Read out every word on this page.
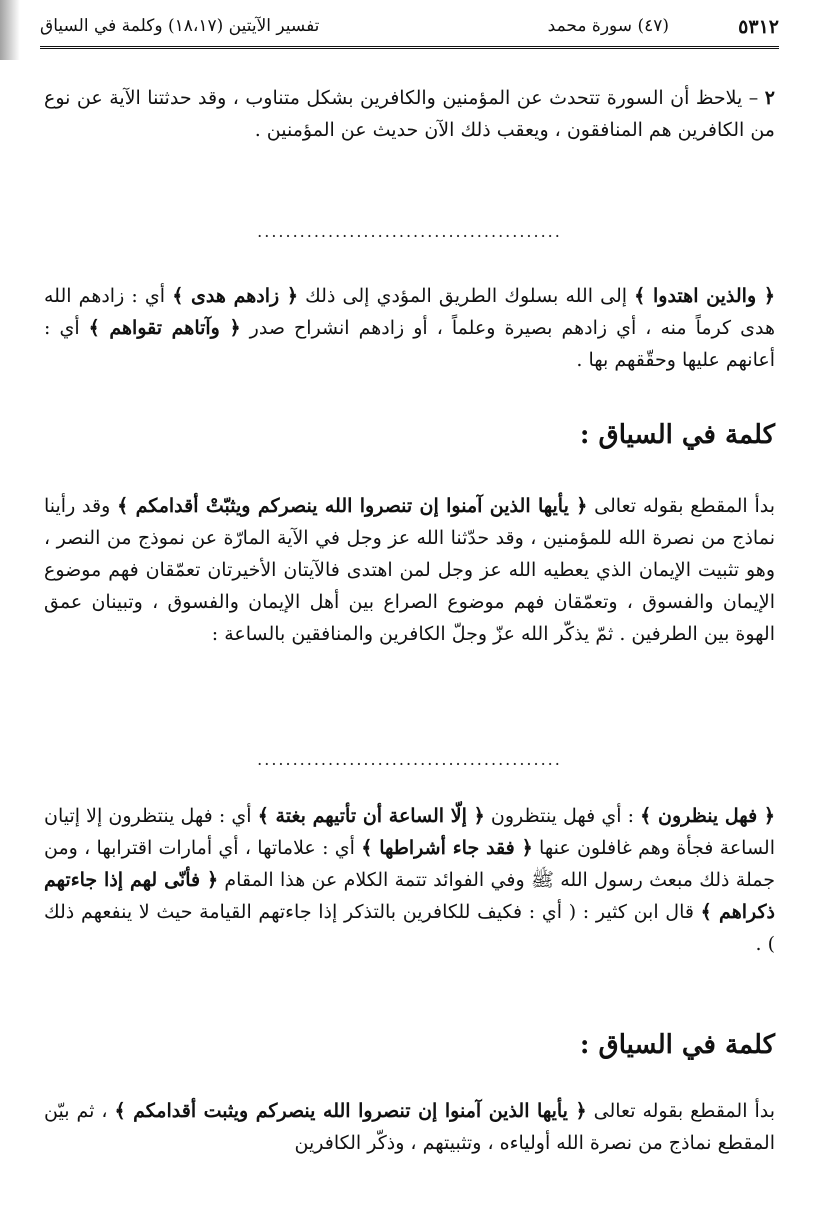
٥٣١٢
(٤٧) سورة محمد
تفسير الآيتين (١٨،١٧) وكلمة في السياق
٢ – يلاحظ أن السورة تتحدث عن المؤمنين والكافرين بشكل متناوب ، وقد حدثتنا الآية عن نوع من الكافرين هم المنافقون ، ويعقب ذلك الآن حديث عن المؤمنين .
...........................................
﴿ والذين اهتدوا ﴾ إلى الله بسلوك الطريق المؤدي إلى ذلك ﴿ زادهم هدى ﴾ أي : زادهم الله هدى كرماً منه ، أي زادهم بصيرة وعلماً ، أو زادهم انشراح صدر ﴿ وآتاهم تقواهم ﴾ أي : أعانهم عليها وحقّقهم بها .
كلمة في السياق :
بدأ المقطع بقوله تعالى ﴿ يأيها الذين آمنوا إن تنصروا الله ينصركم ويثبّتْ أقدامكم ﴾ وقد رأينا نماذج من نصرة الله للمؤمنين ، وقد حدّثنا الله عز وجل في الآية المارّة عن نموذج من النصر ، وهو تثبيت الإيمان الذي يعطيه الله عز وجل لمن اهتدى فالآيتان الأخيرتان تعمّقان فهم موضوع الإيمان والفسوق ، وتعمّقان فهم موضوع الصراع بين أهل الإيمان والفسوق ، وتبينان عمق الهوة بين الطرفين . ثمّ يذكّر الله عزّ وجلّ الكافرين والمنافقين بالساعة :
...........................................
﴿ فهل ينظرون ﴾ : أي فهل ينتظرون ﴿ إلّا الساعة أن تأتيهم بغتة ﴾ أي : فهل ينتظرون إلا إتيان الساعة فجأة وهم غافلون عنها ﴿ فقد جاء أشراطها ﴾ أي : علاماتها ، أي أمارات اقترابها ، ومن جملة ذلك مبعث رسول الله ﷺ وفي الفوائد تتمة الكلام عن هذا المقام ﴿ فأنّى لهم إذا جاءتهم ذكراهم ﴾ قال ابن كثير : ( أي : فكيف للكافرين بالتذكر إذا جاءتهم القيامة حيث لا ينفعهم ذلك ) .
كلمة في السياق :
بدأ المقطع بقوله تعالى ﴿ يأيها الذين آمنوا إن تنصروا الله ينصركم ويثبت أقدامكم ﴾ ، ثم بيّن المقطع نماذج من نصرة الله أولياءه ، وتثبيتهم ، وذكّر الكافرين
